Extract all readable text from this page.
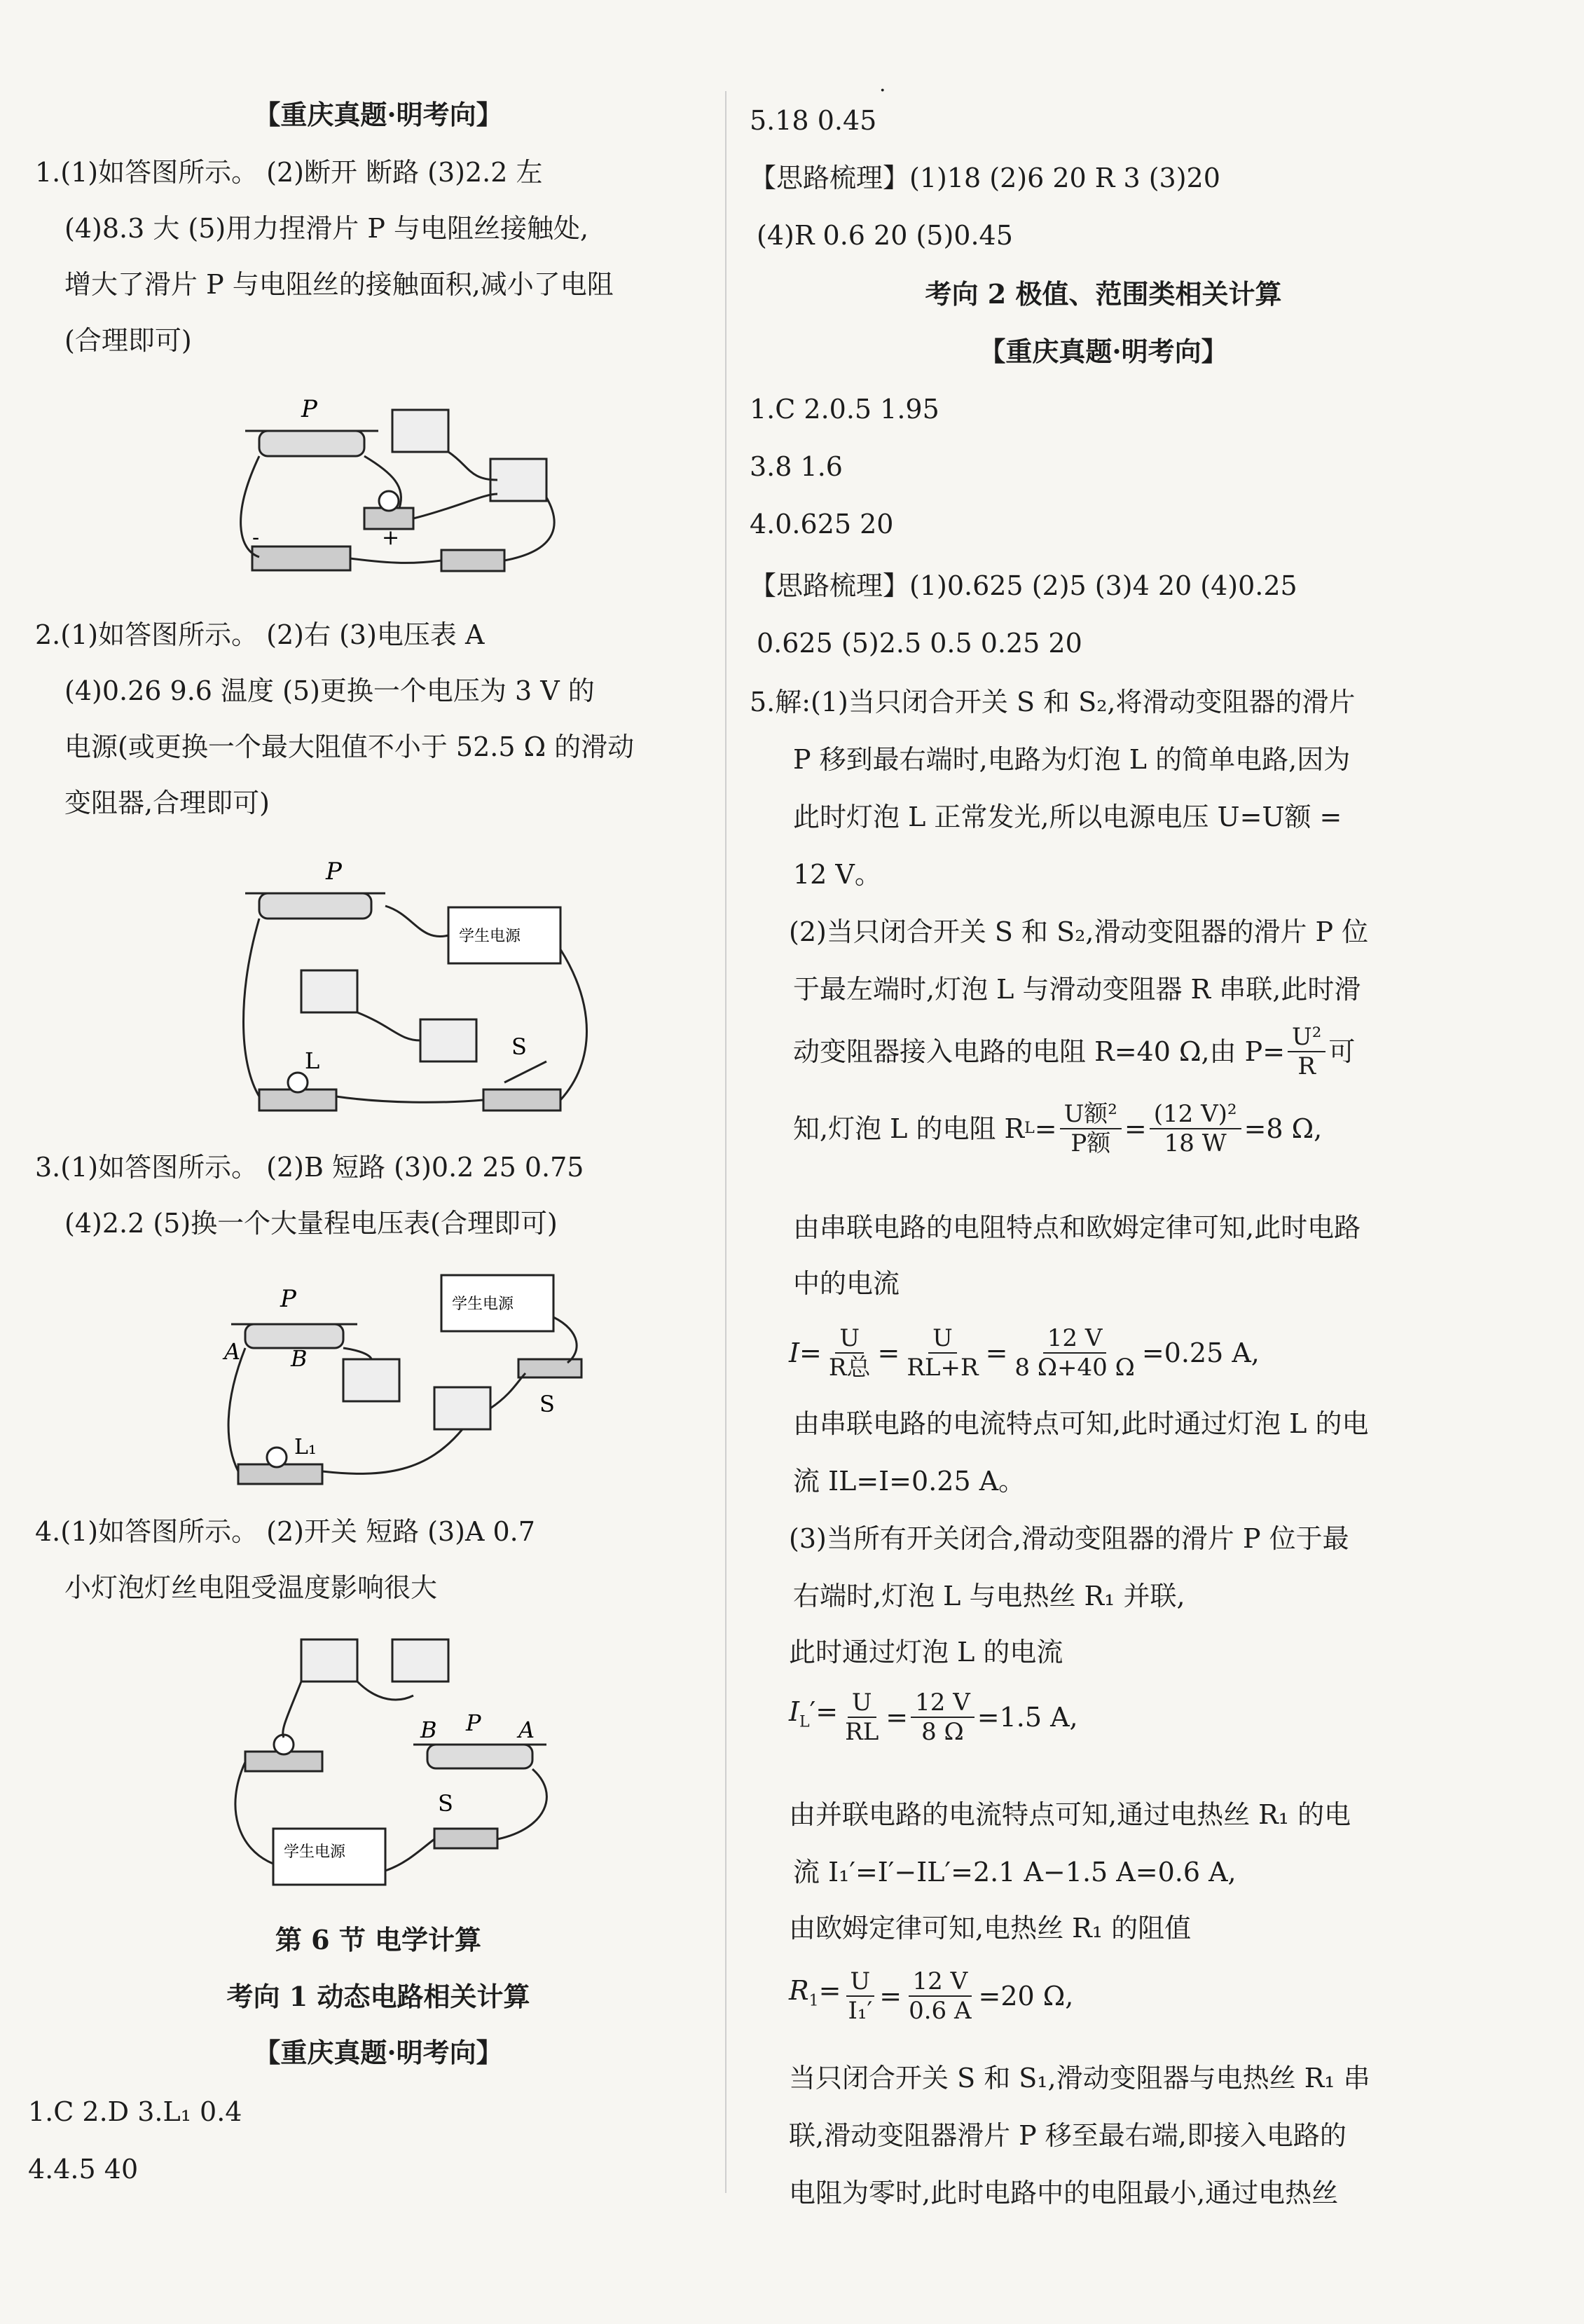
·
【重庆真题·明考向】
1.(1)如答图所示。 (2)断开 断路 (3)2.2 左
(4)8.3 大 (5)用力捏滑片 P 与电阻丝接触处,
增大了滑片 P 与电阻丝的接触面积,减小了电阻
(合理即可)
P
-	+
2.(1)如答图所示。 (2)右 (3)电压表 A
(4)0.26 9.6 温度 (5)更换一个电压为 3 V 的
电源(或更换一个最大阻值不小于 52.5 Ω 的滑动
变阻器,合理即可)
P
学生电源
L
S
3.(1)如答图所示。 (2)B 短路 (3)0.2 25 0.75
(4)2.2 (5)换一个大量程电压表(合理即可)
P
A B
学生电源
S
L₁
4.(1)如答图所示。 (2)开关 短路 (3)A 0.7
小灯泡灯丝电阻受温度影响很大
B P A
S
学生电源
第 6 节 电学计算
考向 1 动态电路相关计算
【重庆真题·明考向】
1.C 2.D 3.L₁ 0.4
4.4.5 40
5.18 0.45
【思路梳理】(1)18 (2)6 20 R 3 (3)20
(4)R 0.6 20 (5)0.45
考向 2 极值、范围类相关计算
【重庆真题·明考向】
1.C 2.0.5 1.95
3.8 1.6
4.0.625 20
【思路梳理】(1)0.625 (2)5 (3)4 20 (4)0.25
0.625 (5)2.5 0.5 0.25 20
5.解:(1)当只闭合开关 S 和 S₂,将滑动变阻器的滑片
P 移到最右端时,电路为灯泡 L 的简单电路,因为
此时灯泡 L 正常发光,所以电源电压 U=U额 =
12 V。
(2)当只闭合开关 S 和 S₂,滑动变阻器的滑片 P 位
于最左端时,灯泡 L 与滑动变阻器 R 串联,此时滑
动变阻器接入电路的电阻 R=40 Ω,由 $P= \frac{\text{U²}}{R}$ 可
知,灯泡 L 的电阻 R $L = \frac{\text{U额²}}{\text{P额}} = \frac{\text{(12 V)²}}{18 W} =8$ Ω,
由串联电路的电阻特点和欧姆定律可知,此时电路
中的电流
$I= \frac{U}{\text{R总}} = \frac{U}{RL+R} = \frac{12 V}{8 \Omega+40 \Omega} =0.25$ A,
由串联电路的电流特点可知,此时通过灯泡 L 的电
流 IL=I=0.25 A。
(3)当所有开关闭合,滑动变阻器的滑片 P 位于最
右端时,灯泡 L 与电热丝 R₁ 并联,
此时通过灯泡 L 的电流
$I_L'= \frac{U}{RL} = \frac{12 V}{8 \Omega} =1.5$ A,
由并联电路的电流特点可知,通过电热丝 R₁ 的电
流 I₁′=I′−IL′=2.1 A−1.5 A=0.6 A,
由欧姆定律可知,电热丝 R₁ 的阻值
$R_1= \frac{U}{\text{I₁′}} = \frac{12 V}{0.6 A} =20$ Ω,
当只闭合开关 S 和 S₁,滑动变阻器与电热丝 R₁ 串
联,滑动变阻器滑片 P 移至最右端,即接入电路的
电阻为零时,此时电路中的电阻最小,通过电热丝
